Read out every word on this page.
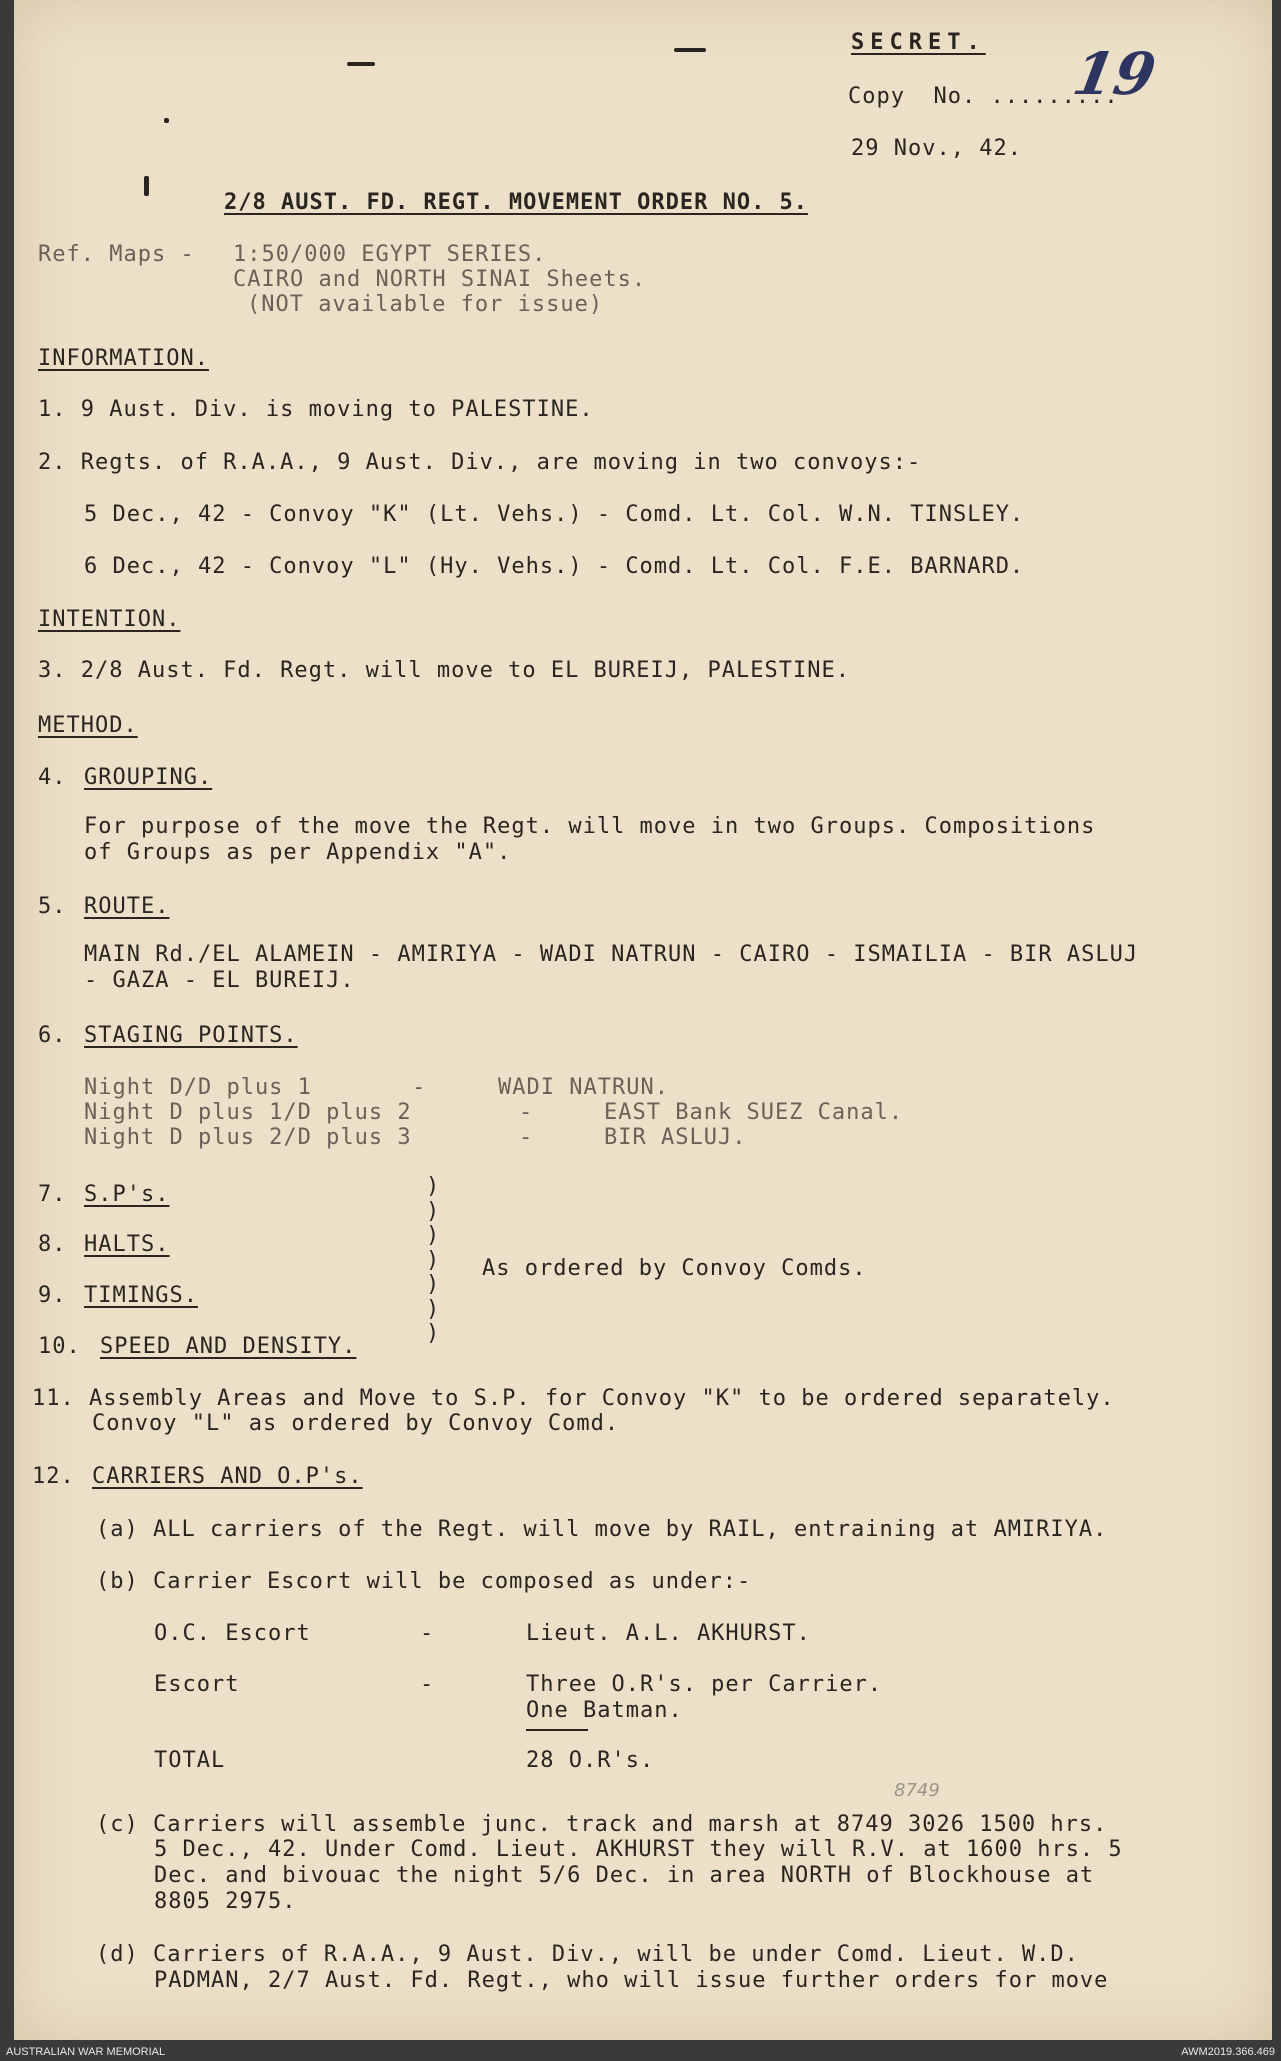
SECRET.
Copy  No. .........
19
29 Nov., 42.
2/8 AUST. FD. REGT. MOVEMENT ORDER NO. 5.
Ref. Maps - 1:50/000 EGYPT SERIES.
CAIRO and NORTH SINAI Sheets.
(NOT available for issue)
INFORMATION.
1. 9 Aust. Div. is moving to PALESTINE.
2. Regts. of R.A.A., 9 Aust. Div., are moving in two convoys:-
5 Dec., 42 - Convoy "K" (Lt. Vehs.) - Comd. Lt. Col. W.N. TINSLEY.
6 Dec., 42 - Convoy "L" (Hy. Vehs.) - Comd. Lt. Col. F.E. BARNARD.
INTENTION.
3. 2/8 Aust. Fd. Regt. will move to EL BUREIJ, PALESTINE.
METHOD.
4. GROUPING.
For purpose of the move the Regt. will move in two Groups. Compositions
of Groups as per Appendix "A".
5. ROUTE.
MAIN Rd./EL ALAMEIN - AMIRIYA - WADI NATRUN - CAIRO - ISMAILIA - BIR ASLUJ
- GAZA - EL BUREIJ.
6. STAGING POINTS.
Night D/D plus 1	-	WADI NATRUN.
Night D plus 1/D plus 2	-	EAST Bank SUEZ Canal.
Night D plus 2/D plus 3	-	BIR ASLUJ.
7. S.P's.
8. HALTS.
9. TIMINGS.
10. SPEED AND DENSITY.
)
)
)
)
)
)
)
As ordered by Convoy Comds.
11. Assembly Areas and Move to S.P. for Convoy "K" to be ordered separately.
Convoy "L" as ordered by Convoy Comd.
12. CARRIERS AND O.P's.
(a) ALL carriers of the Regt. will move by RAIL, entraining at AMIRIYA.
(b) Carrier Escort will be composed as under:-
O.C. Escort	-	Lieut. A.L. AKHURST.
Escort	-	Three O.R's. per Carrier.
One Batman.
TOTAL	28 O.R's.
8749
(c) Carriers will assemble junc. track and marsh at 8749 3026 1500 hrs.
5 Dec., 42. Under Comd. Lieut. AKHURST they will R.V. at 1600 hrs. 5
Dec. and bivouac the night 5/6 Dec. in area NORTH of Blockhouse at
8805 2975.
(d) Carriers of R.A.A., 9 Aust. Div., will be under Comd. Lieut. W.D.
PADMAN, 2/7 Aust. Fd. Regt., who will issue further orders for move
AUSTRALIAN WAR MEMORIAL	AWM2019.366.469
